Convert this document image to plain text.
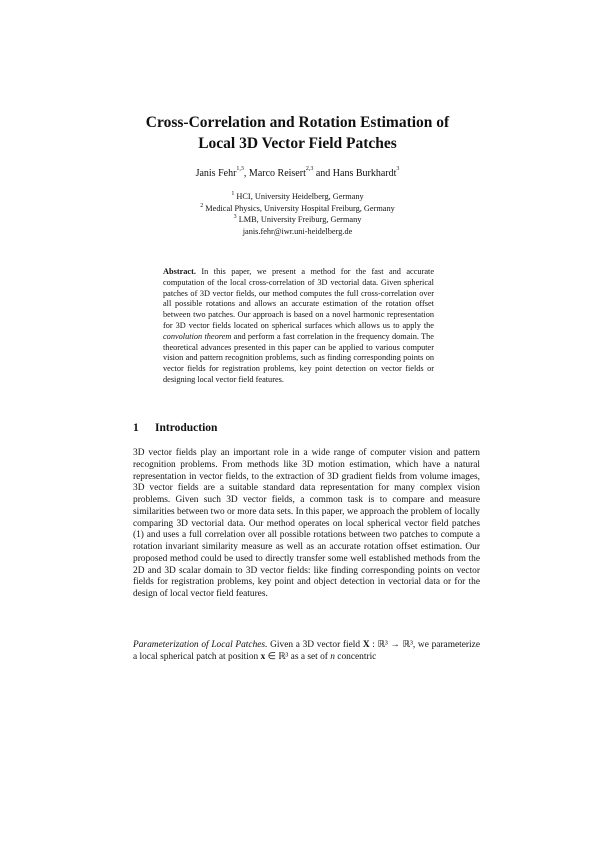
Cross-Correlation and Rotation Estimation of
Local 3D Vector Field Patches
Janis Fehr$^{1,3}$, Marco Reisert$^{2,3}$ and Hans Burkhardt$^3$
$^1$ HCI, University Heidelberg, Germany
$^2$ Medical Physics, University Hospital Freiburg, Germany
$^3$ LMB, University Freiburg, Germany
janis.fehr@iwr.uni-heidelberg.de
Abstract. In this paper, we present a method for the fast and accurate computation of the local cross-correlation of 3D vectorial data. Given spherical patches of 3D vector fields, our method computes the full cross-correlation over all possible rotations and allows an accurate estimation of the rotation offset between two patches. Our approach is based on a novel harmonic representation for 3D vector fields located on spherical surfaces which allows us to apply the convolution theorem and perform a fast correlation in the frequency domain. The theoretical advances presented in this paper can be applied to various computer vision and pattern recognition problems, such as finding corresponding points on vector fields for registration problems, key point detection on vector fields or designing local vector field features.
1 Introduction
3D vector fields play an important role in a wide range of computer vision and pattern recognition problems. From methods like 3D motion estimation, which have a natural representation in vector fields, to the extraction of 3D gradient fields from volume images, 3D vector fields are a suitable standard data representation for many complex vision problems. Given such 3D vector fields, a common task is to compare and measure similarities between two or more data sets. In this paper, we approach the problem of locally comparing 3D vectorial data. Our method operates on local spherical vector field patches (1) and uses a full correlation over all possible rotations between two patches to compute a rotation invariant similarity measure as well as an accurate rotation offset estimation. Our proposed method could be used to directly transfer some well established methods from the 2D and 3D scalar domain to 3D vector fields: like finding corresponding points on vector fields for registration problems, key point and object detection in vectorial data or for the design of local vector field features.
Parameterization of Local Patches. Given a 3D vector field X : ℝ³ → ℝ³, we parameterize a local spherical patch at position x ∈ ℝ³ as a set of n concentric
